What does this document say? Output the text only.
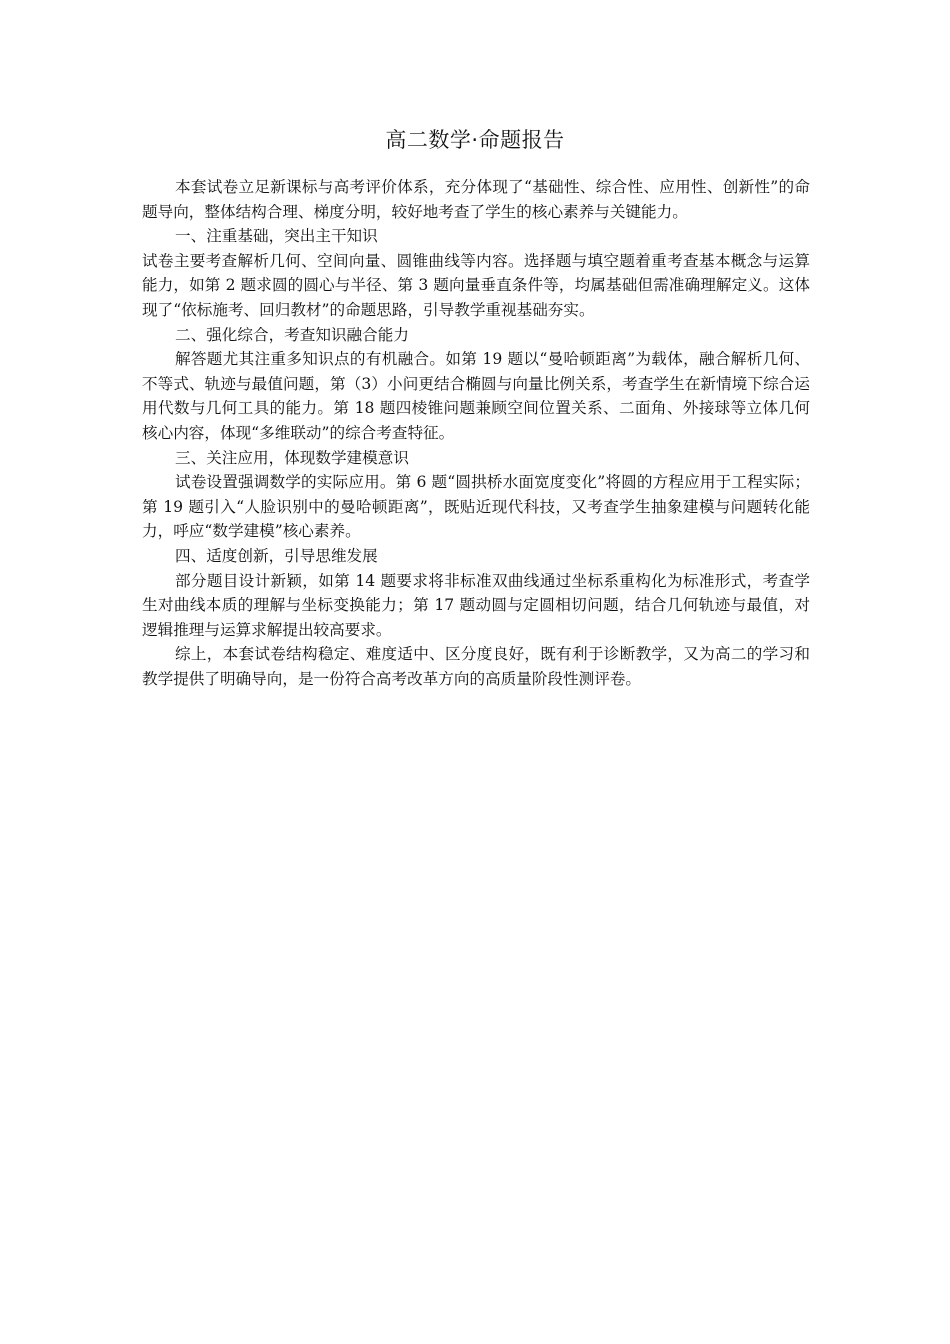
高二数学·命题报告

本套试卷立足新课标与高考评价体系，充分体现了“基础性、综合性、应用性、创新性”的命题导向，整体结构合理、梯度分明，较好地考查了学生的核心素养与关键能力。

一、注重基础，突出主干知识

试卷主要考查解析几何、空间向量、圆锥曲线等内容。选择题与填空题着重考查基本概念与运算能力，如第 2 题求圆的圆心与半径、第 3 题向量垂直条件等，均属基础但需准确理解定义。这体现了“依标施考、回归教材”的命题思路，引导教学重视基础夯实。

二、强化综合，考查知识融合能力

解答题尤其注重多知识点的有机融合。如第 19 题以“曼哈顿距离”为载体，融合解析几何、不等式、轨迹与最值问题，第（3）小问更结合椭圆与向量比例关系，考查学生在新情境下综合运用代数与几何工具的能力。第 18 题四棱锥问题兼顾空间位置关系、二面角、外接球等立体几何核心内容，体现“多维联动”的综合考查特征。

三、关注应用，体现数学建模意识

试卷设置强调数学的实际应用。第 6 题“圆拱桥水面宽度变化”将圆的方程应用于工程实际；第 19 题引入“人脸识别中的曼哈顿距离”，既贴近现代科技，又考查学生抽象建模与问题转化能力，呼应“数学建模”核心素养。

四、适度创新，引导思维发展

部分题目设计新颖，如第 14 题要求将非标准双曲线通过坐标系重构化为标准形式，考查学生对曲线本质的理解与坐标变换能力；第 17 题动圆与定圆相切问题，结合几何轨迹与最值，对逻辑推理与运算求解提出较高要求。

综上，本套试卷结构稳定、难度适中、区分度良好，既有利于诊断教学，又为高二的学习和教学提供了明确导向，是一份符合高考改革方向的高质量阶段性测评卷。
